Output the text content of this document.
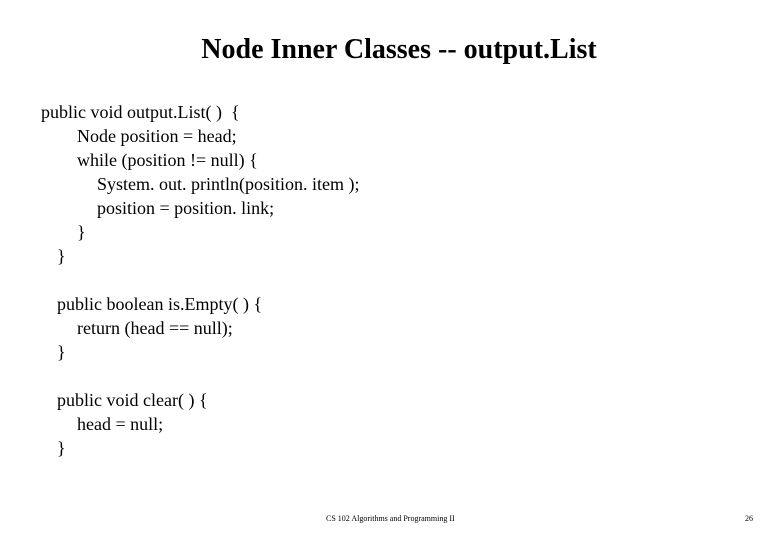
Node Inner Classes -- output.List
public void output.List( )  {
Node position = head;
while (position != null) {
System. out. println(position. item );
position = position. link;
}
}
public boolean is.Empty( ) {
return (head == null);
}
public void clear( ) {
head = null;
}
CS 102 Algorithms and Programming II	26
